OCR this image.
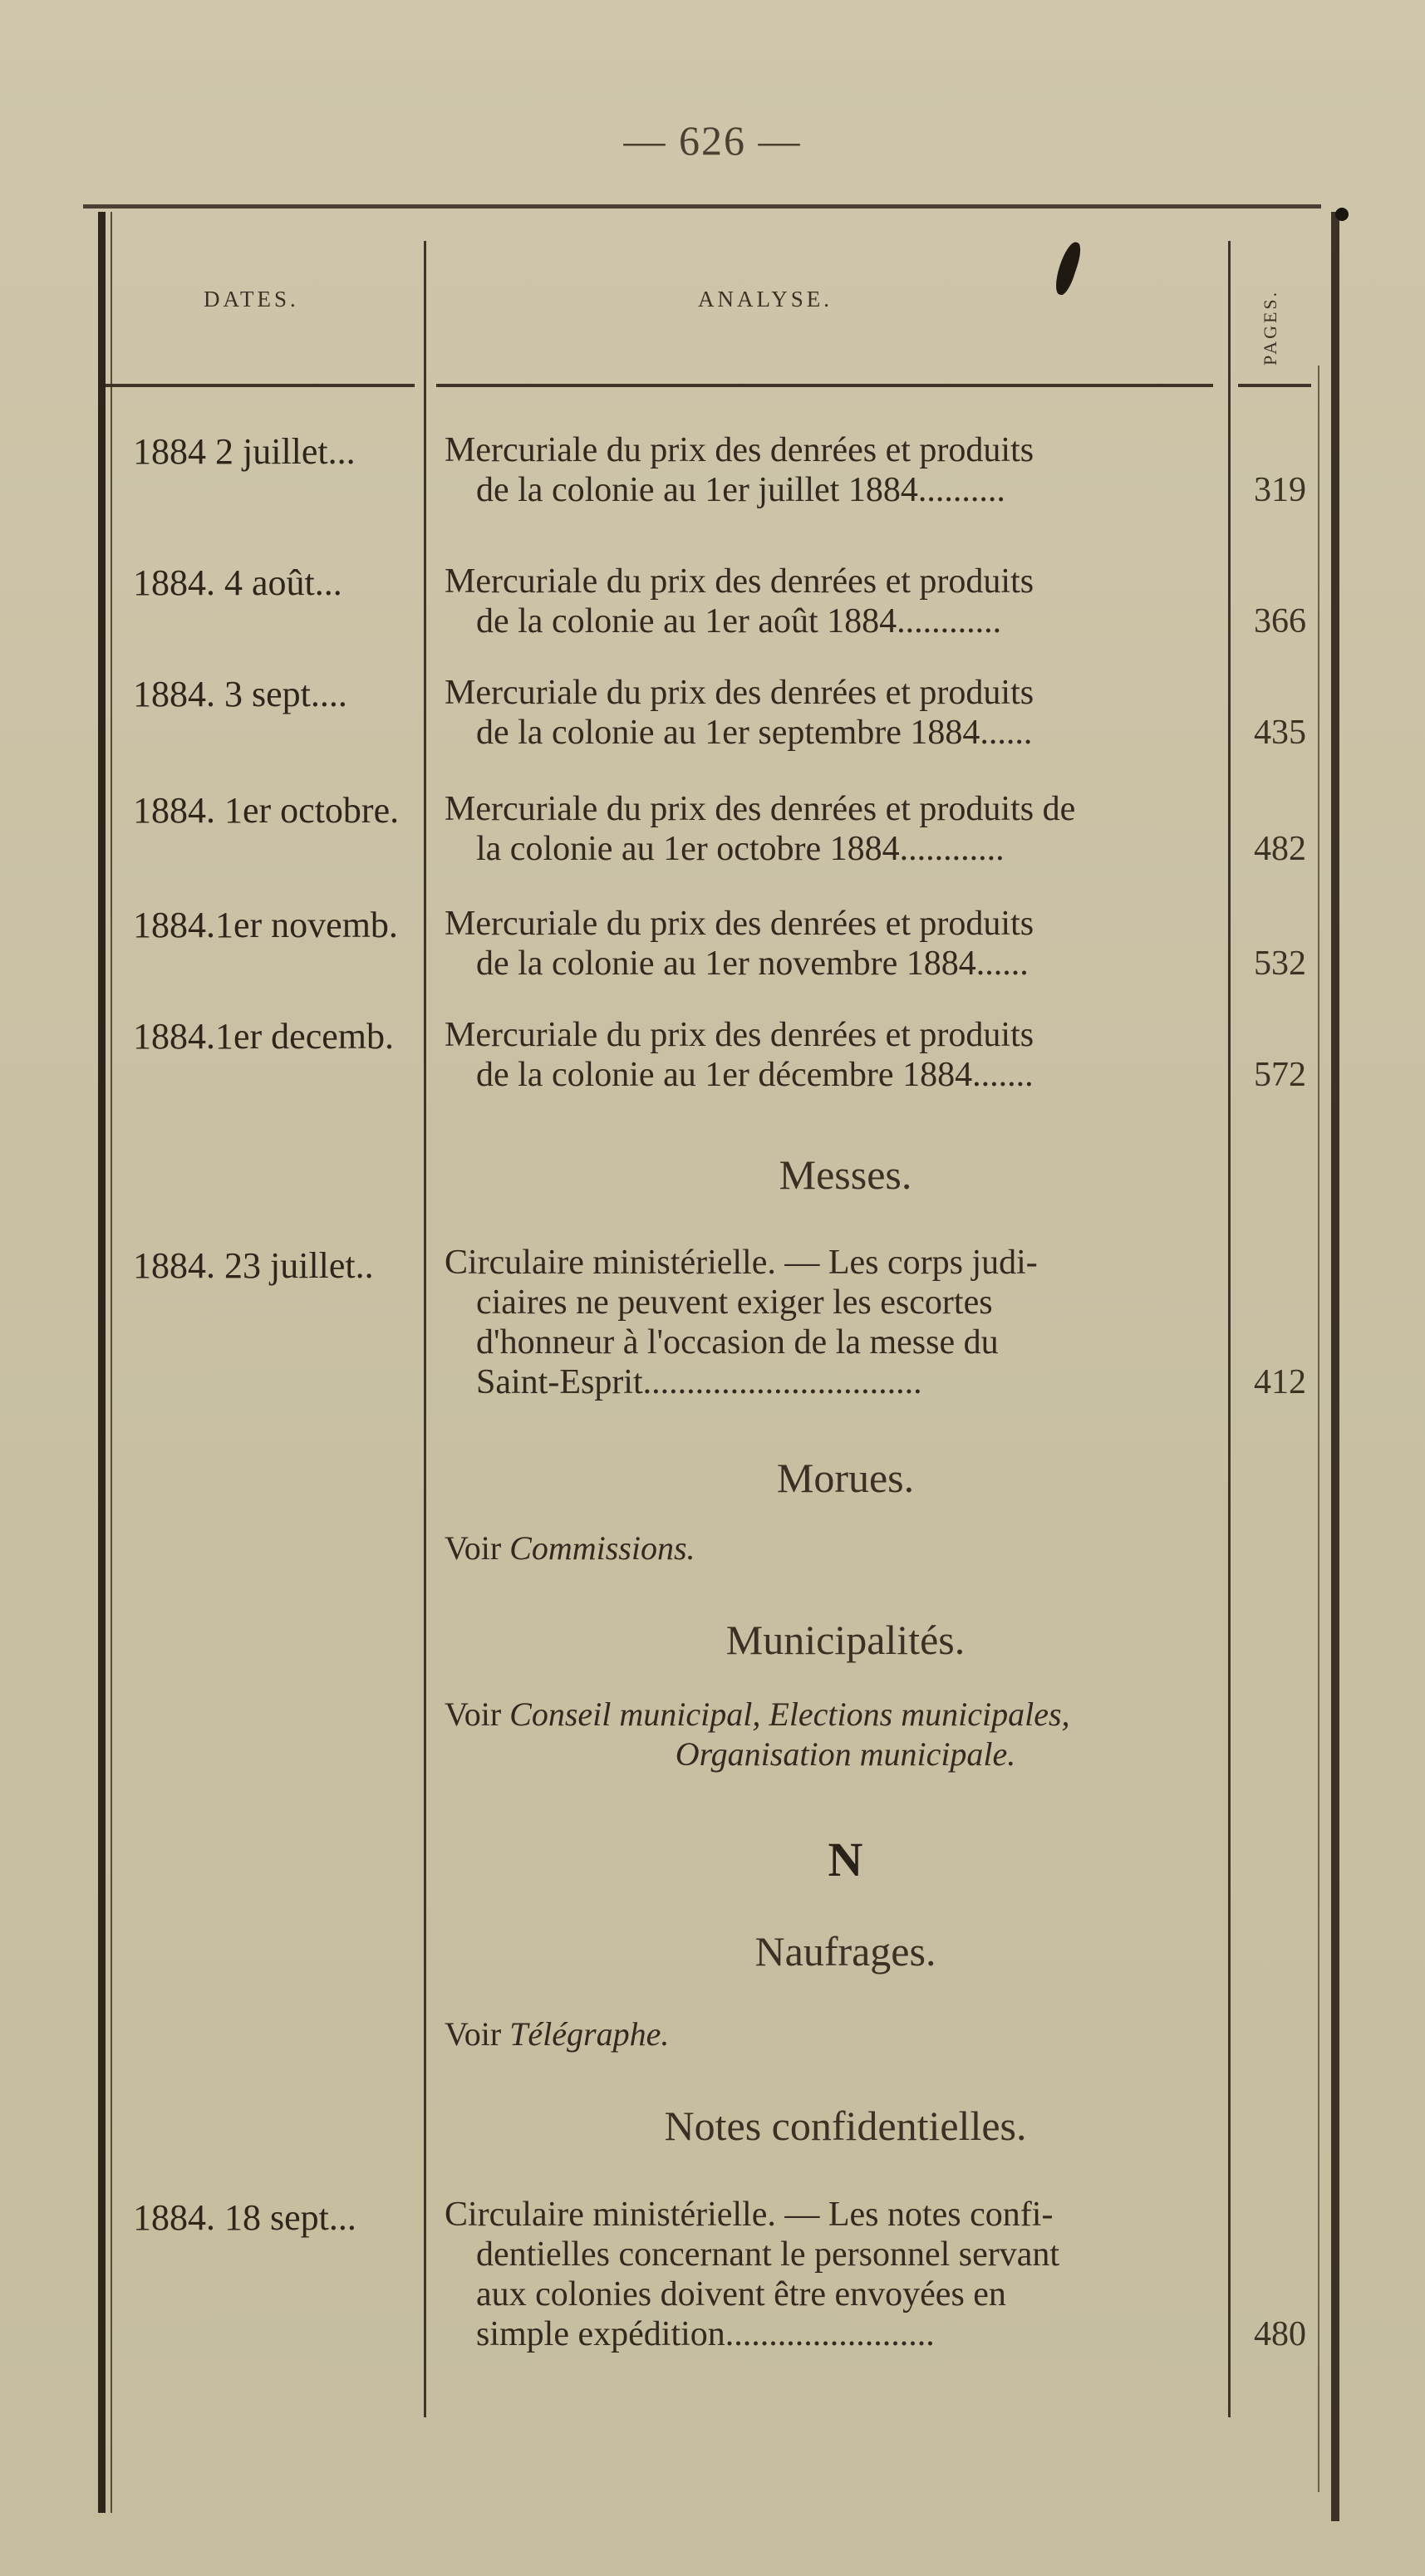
— 626 —
DATES.	ANALYSE.	PAGES.
1884 2 juillet...	Mercuriale du prix des denrées et produits
de la colonie au 1er juillet 1884..........	319
1884. 4 août...	Mercuriale du prix des denrées et produits
de la colonie au 1er août 1884............	366
1884. 3 sept....	Mercuriale du prix des denrées et produits
de la colonie au 1er septembre 1884......	435
1884. 1er octobre.	Mercuriale du prix des denrées et produits de
la colonie au 1er octobre 1884............	482
1884.1er novemb.	Mercuriale du prix des denrées et produits
de la colonie au 1er novembre 1884......	532
1884.1er decemb.	Mercuriale du prix des denrées et produits
de la colonie au 1er décembre 1884.......	572
Messes.
1884. 23 juillet..	Circulaire ministérielle. — Les corps judi-
ciaires ne peuvent exiger les escortes
d'honneur à l'occasion de la messe du
Saint-Esprit................................	412
Morues.
Voir Commissions.
Municipalités.
Voir Conseil municipal, Elections municipales,
Organisation municipale.
N
Naufrages.
Voir Télégraphe.
Notes confidentielles.
1884. 18 sept...	Circulaire ministérielle. — Les notes confi-
dentielles concernant le personnel servant
aux colonies doivent être envoyées en
simple expédition........................	480
